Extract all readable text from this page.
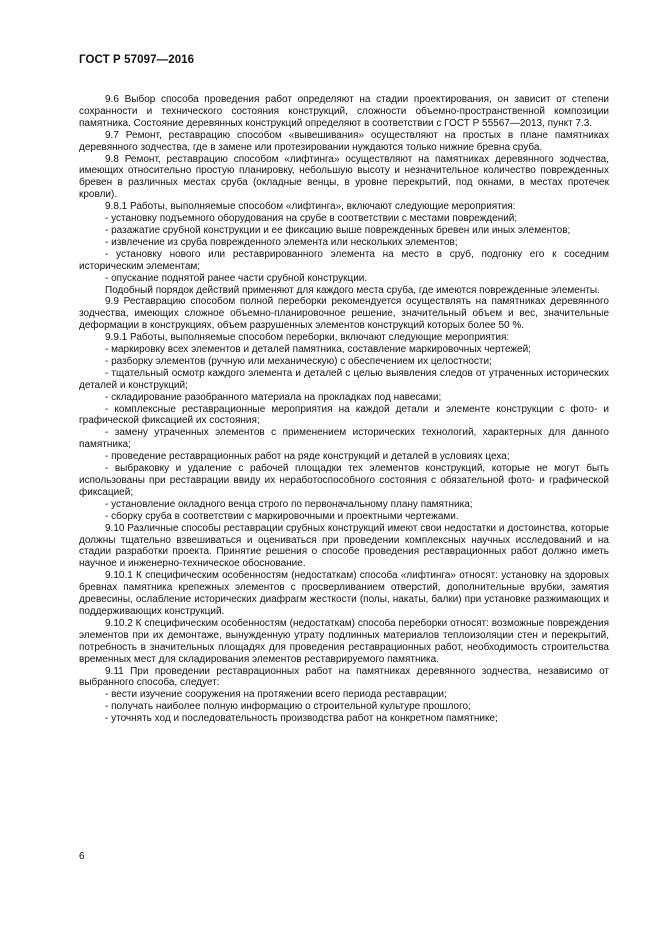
ГОСТ Р 57097—2016

9.6 Выбор способа проведения работ определяют на стадии проектирования, он зависит от степени сохранности и технического состояния конструкций, сложности объемно-пространственной композиции памятника. Состояние деревянных конструкций определяют в соответствии с ГОСТ Р 55567—2013, пункт 7.3.

9.7 Ремонт, реставрацию способом «вывешивания» осуществляют на простых в плане памятниках деревянного зодчества, где в замене или протезировании нуждаются только нижние бревна сруба.

9.8 Ремонт, реставрацию способом «лифтинга» осуществляют на памятниках деревянного зодчества, имеющих относительно простую планировку, небольшую высоту и незначительное количество поврежденных бревен в различных местах сруба (окладные венцы, в уровне перекрытий, под окнами, в местах протечек кровли).

9.8.1 Работы, выполняемые способом «лифтинга», включают следующие мероприятия:

- установку подъемного оборудования на срубе в соответствии с местами повреждений;

- разажатие срубной конструкции и ее фиксацию выше поврежденных бревен или иных элементов;

- извлечение из сруба поврежденного элемента или нескольких элементов;

- установку нового или реставрированного элемента на место в сруб, подгонку его к соседним историческим элементам;

- опускание поднятой ранее части срубной конструкции.

Подобный порядок действий применяют для каждого места сруба, где имеются поврежденные элементы.

9.9 Реставрацию способом полной переборки рекомендуется осуществлять на памятниках деревянного зодчества, имеющих сложное объемно-планировочное решение, значительный объем и вес, значительные деформации в конструкциях, объем разрушенных элементов конструкций которых более 50 %.

9.9.1 Работы, выполняемые способом переборки, включают следующие мероприятия:

- маркировку всех элементов и деталей памятника, составление маркировочных чертежей;

- разборку элементов (ручную или механическую) с обеспечением их целостности;

- тщательный осмотр каждого элемента и деталей с целью выявления следов от утраченных исторических деталей и конструкций;

- складирование разобранного материала на прокладках под навесами;

- комплексные реставрационные мероприятия на каждой детали и элементе конструкции с фото- и графической фиксацией их состояния;

- замену утраченных элементов с применением исторических технологий, характерных для данного памятника;

- проведение реставрационных работ на ряде конструкций и деталей в условиях цеха;

- выбраковку и удаление с рабочей площадки тех элементов конструкций, которые не могут быть использованы при реставрации ввиду их неработоспособного состояния с обязательной фото- и графической фиксацией;

- установление окладного венца строго по первоначальному плану памятника;

- сборку сруба в соответствии с маркировочными и проектными чертежами.

9.10 Различные способы реставрации срубных конструкций имеют свои недостатки и достоинства, которые должны тщательно взвешиваться и оцениваться при проведении комплексных научных исследований и на стадии разработки проекта. Принятие решения о способе проведения реставрационных работ должно иметь научное и инженерно-техническое обоснование.

9.10.1 К специфическим особенностям (недостаткам) способа «лифтинга» относят: установку на здоровых бревнах памятника крепежных элементов с просверливанием отверстий, дополнительные врубки, замятия древесины, ослабление исторических диафрагм жесткости (полы, накаты, балки) при установке разжимающих и поддерживающих конструкций.

9.10.2 К специфическим особенностям (недостаткам) способа переборки относят: возможные повреждения элементов при их демонтаже, вынужденную утрату подлинных материалов теплоизоляции стен и перекрытий, потребность в значительных площадях для проведения реставрационных работ, необходимость строительства временных мест для складирования элементов реставрируемого памятника.

9.11 При проведении реставрационных работ на памятниках деревянного зодчества, независимо от выбранного способа, следует:

- вести изучение сооружения на протяжении всего периода реставрации;

- получать наиболее полную информацию о строительной культуре прошлого;

- уточнять ход и последовательность производства работ на конкретном памятнике;

6
